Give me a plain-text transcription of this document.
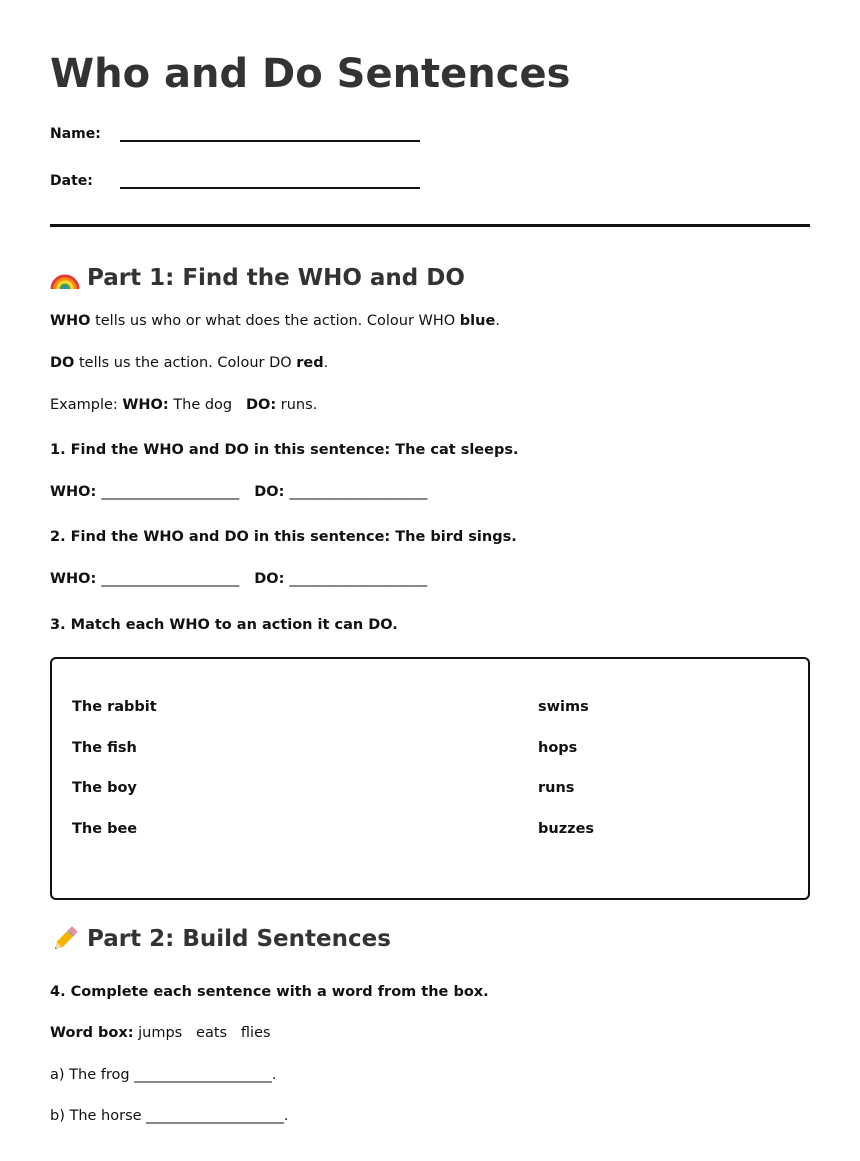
Who and Do Sentences
Name:
Date:
Part 1: Find the WHO and DO

WHO tells us who or what does the action. Colour WHO blue.

DO tells us the action. Colour DO red.

Example: WHO: The dog   DO: runs.

1. Find the WHO and DO in this sentence: The cat sleeps.

WHO: ___________________ DO: ___________________

2. Find the WHO and DO in this sentence: The bird sings.

WHO: ___________________ DO: ___________________

3. Match each WHO to an action it can DO.

The rabbit
The fish
The boy
The bee
swims
hops
runs
buzzes
Part 2: Build Sentences

4. Complete each sentence with a word from the box.

Word box: jumps   eats   flies

a) The frog ___________________.

b) The horse ___________________.
